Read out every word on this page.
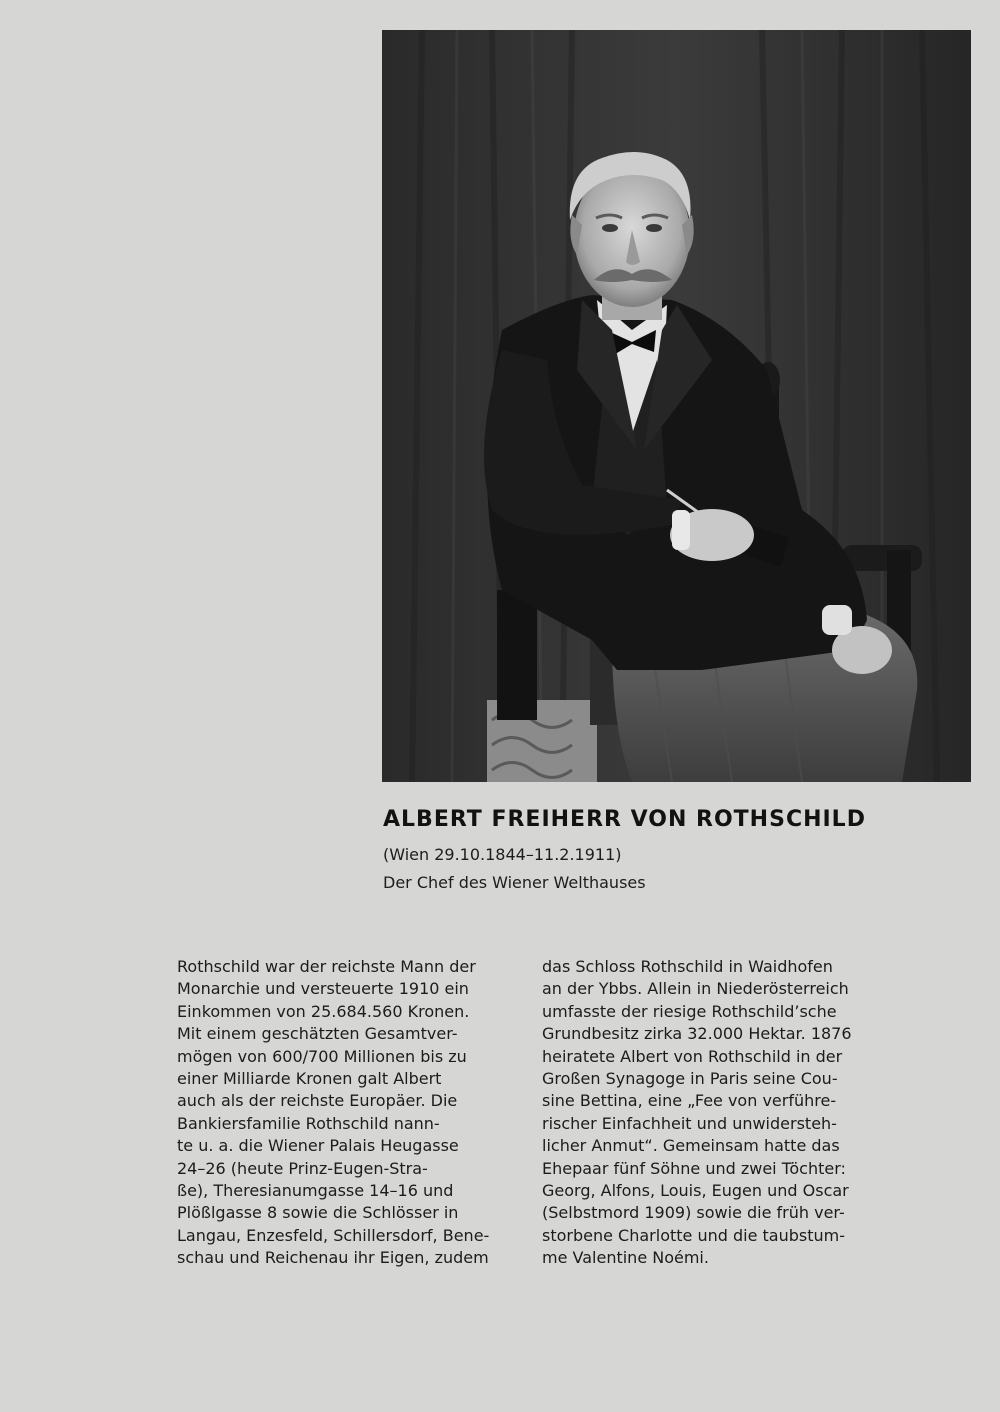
ALBERT FREIHERR VON ROTHSCHILD
(Wien 29.10.1844–11.2.1911)
Der Chef des Wiener Welthauses
Rothschild war der reichste Mann der
Monarchie und versteuerte 1910 ein
Einkommen von 25.684.560 Kronen.
Mit einem geschätzten Gesamtver-
mögen von 600/700 Millionen bis zu
einer Milliarde Kronen galt Albert
auch als der reichste Europäer. Die
Bankiersfamilie Rothschild nann-
te u. a. die Wiener Palais Heugasse
24–26 (heute Prinz-Eugen-Stra-
ße), Theresianumgasse 14–16 und
Plößlgasse 8 sowie die Schlösser in
Langau, Enzesfeld, Schillersdorf, Bene-
schau und Reichenau ihr Eigen, zudem
das Schloss Rothschild in Waidhofen
an der Ybbs. Allein in Niederösterreich
umfasste der riesige Rothschild’sche
Grundbesitz zirka 32.000 Hektar. 1876
heiratete Albert von Rothschild in der
Großen Synagoge in Paris seine Cou-
sine Bettina, eine „Fee von verführe-
rischer Einfachheit und unwidersteh-
licher Anmut“. Gemeinsam hatte das
Ehepaar fünf Söhne und zwei Töchter:
Georg, Alfons, Louis, Eugen und Oscar
(Selbstmord 1909) sowie die früh ver-
storbene Charlotte und die taubstum-
me Valentine Noémi.
